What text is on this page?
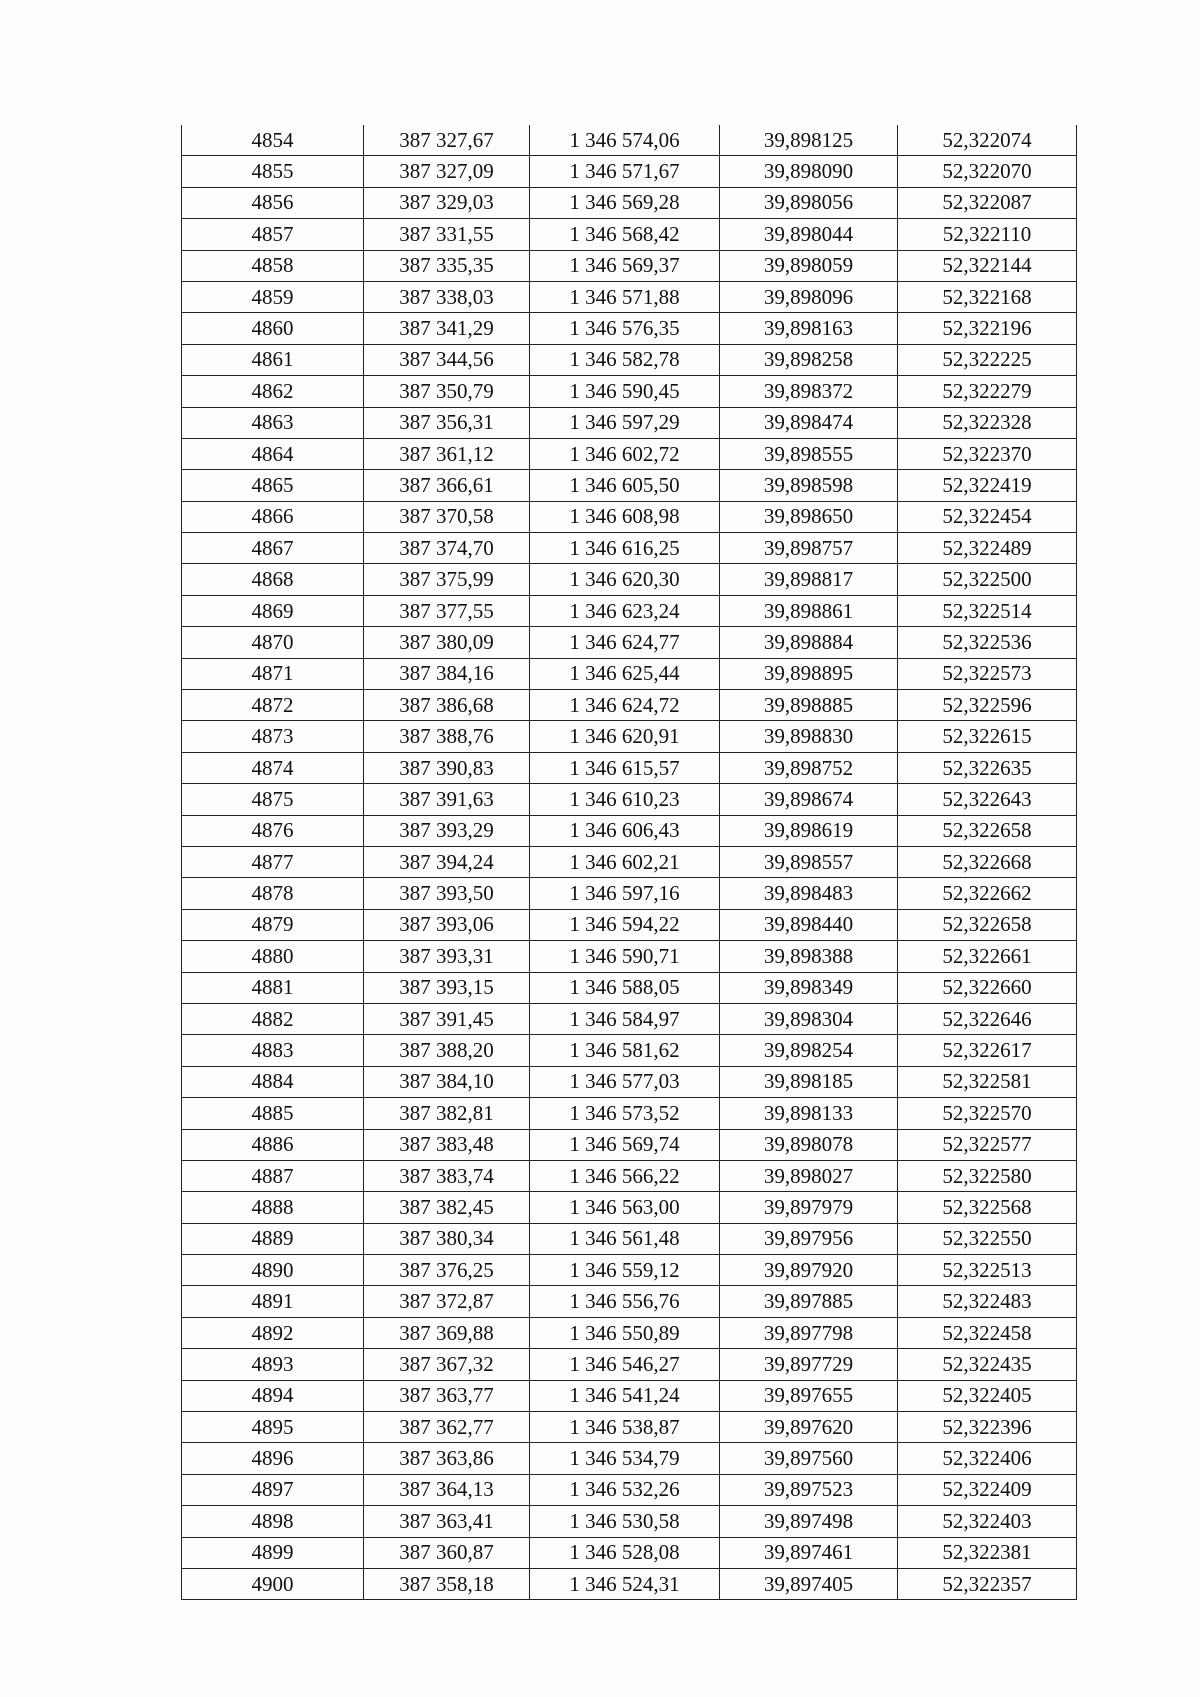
4854	387 327,67	1 346 574,06	39,898125	52,322074
4855	387 327,09	1 346 571,67	39,898090	52,322070
4856	387 329,03	1 346 569,28	39,898056	52,322087
4857	387 331,55	1 346 568,42	39,898044	52,322110
4858	387 335,35	1 346 569,37	39,898059	52,322144
4859	387 338,03	1 346 571,88	39,898096	52,322168
4860	387 341,29	1 346 576,35	39,898163	52,322196
4861	387 344,56	1 346 582,78	39,898258	52,322225
4862	387 350,79	1 346 590,45	39,898372	52,322279
4863	387 356,31	1 346 597,29	39,898474	52,322328
4864	387 361,12	1 346 602,72	39,898555	52,322370
4865	387 366,61	1 346 605,50	39,898598	52,322419
4866	387 370,58	1 346 608,98	39,898650	52,322454
4867	387 374,70	1 346 616,25	39,898757	52,322489
4868	387 375,99	1 346 620,30	39,898817	52,322500
4869	387 377,55	1 346 623,24	39,898861	52,322514
4870	387 380,09	1 346 624,77	39,898884	52,322536
4871	387 384,16	1 346 625,44	39,898895	52,322573
4872	387 386,68	1 346 624,72	39,898885	52,322596
4873	387 388,76	1 346 620,91	39,898830	52,322615
4874	387 390,83	1 346 615,57	39,898752	52,322635
4875	387 391,63	1 346 610,23	39,898674	52,322643
4876	387 393,29	1 346 606,43	39,898619	52,322658
4877	387 394,24	1 346 602,21	39,898557	52,322668
4878	387 393,50	1 346 597,16	39,898483	52,322662
4879	387 393,06	1 346 594,22	39,898440	52,322658
4880	387 393,31	1 346 590,71	39,898388	52,322661
4881	387 393,15	1 346 588,05	39,898349	52,322660
4882	387 391,45	1 346 584,97	39,898304	52,322646
4883	387 388,20	1 346 581,62	39,898254	52,322617
4884	387 384,10	1 346 577,03	39,898185	52,322581
4885	387 382,81	1 346 573,52	39,898133	52,322570
4886	387 383,48	1 346 569,74	39,898078	52,322577
4887	387 383,74	1 346 566,22	39,898027	52,322580
4888	387 382,45	1 346 563,00	39,897979	52,322568
4889	387 380,34	1 346 561,48	39,897956	52,322550
4890	387 376,25	1 346 559,12	39,897920	52,322513
4891	387 372,87	1 346 556,76	39,897885	52,322483
4892	387 369,88	1 346 550,89	39,897798	52,322458
4893	387 367,32	1 346 546,27	39,897729	52,322435
4894	387 363,77	1 346 541,24	39,897655	52,322405
4895	387 362,77	1 346 538,87	39,897620	52,322396
4896	387 363,86	1 346 534,79	39,897560	52,322406
4897	387 364,13	1 346 532,26	39,897523	52,322409
4898	387 363,41	1 346 530,58	39,897498	52,322403
4899	387 360,87	1 346 528,08	39,897461	52,322381
4900	387 358,18	1 346 524,31	39,897405	52,322357
